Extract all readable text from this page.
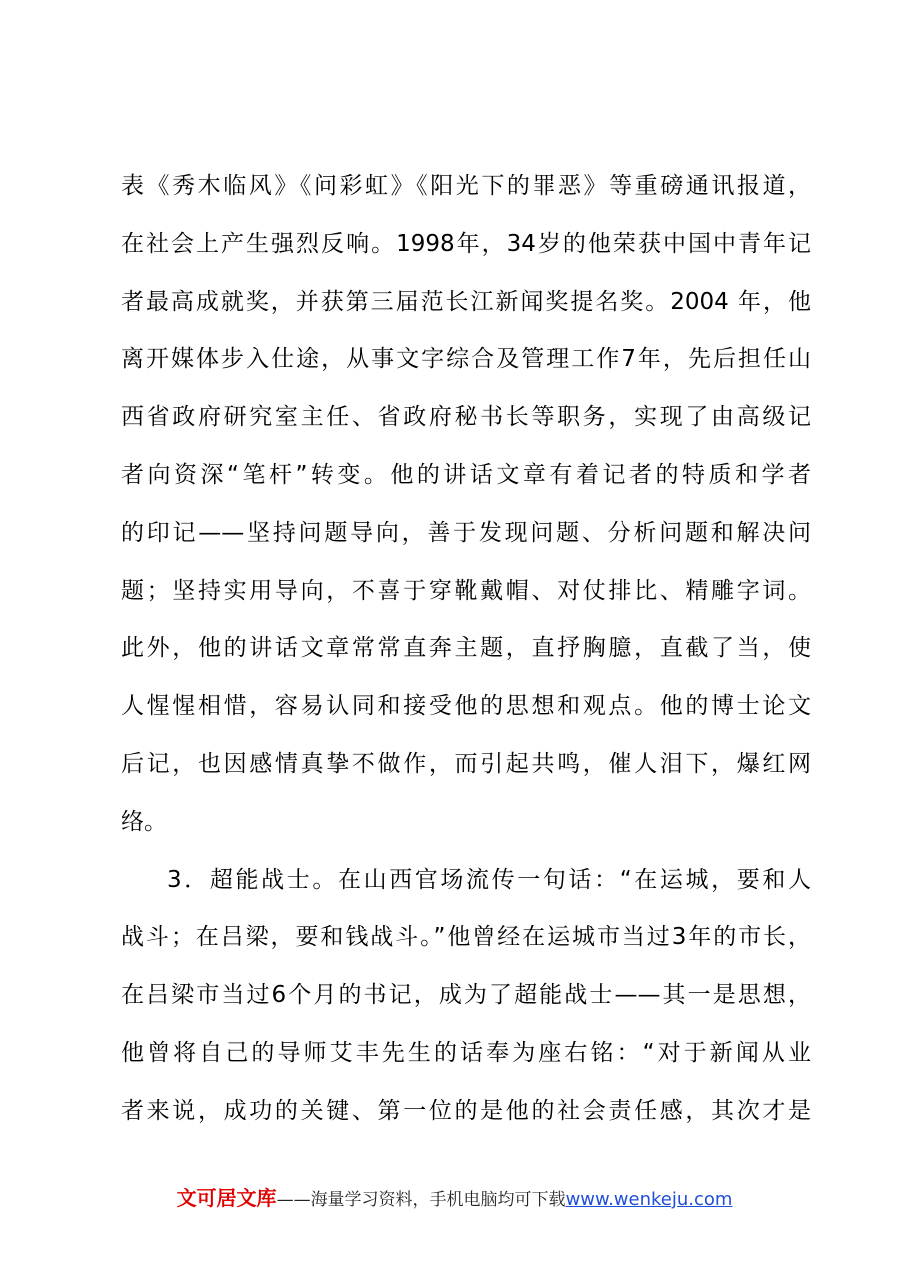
表《秀木临风》《问彩虹》《阳光下的罪恶》等重磅通讯报道，
在社会上产生强烈反响。1998年，34岁的他荣获中国中青年记
者最高成就奖，并获第三届范长江新闻奖提名奖。2004 年，他
离开媒体步入仕途，从事文字综合及管理工作7年，先后担任山
西省政府研究室主任、省政府秘书长等职务，实现了由高级记
者向资深“笔杆”转变。他的讲话文章有着记者的特质和学者
的印记——坚持问题导向，善于发现问题、分析问题和解决问
题；坚持实用导向，不喜于穿靴戴帽、对仗排比、精雕字词。
此外，他的讲话文章常常直奔主题，直抒胸臆，直截了当，使
人惺惺相惜，容易认同和接受他的思想和观点。他的博士论文
后记，也因感情真挚不做作，而引起共鸣，催人泪下，爆红网
络。
3．超能战士。在山西官场流传一句话：“在运城，要和人
战斗；在吕梁，要和钱战斗。”他曾经在运城市当过3年的市长，
在吕梁市当过6个月的书记，成为了超能战士——其一是思想，
他曾将自己的导师艾丰先生的话奉为座右铭：“对于新闻从业
者来说，成功的关键、第一位的是他的社会责任感，其次才是
文可居文库——海量学习资料，手机电脑均可下载www.wenkeju.com
